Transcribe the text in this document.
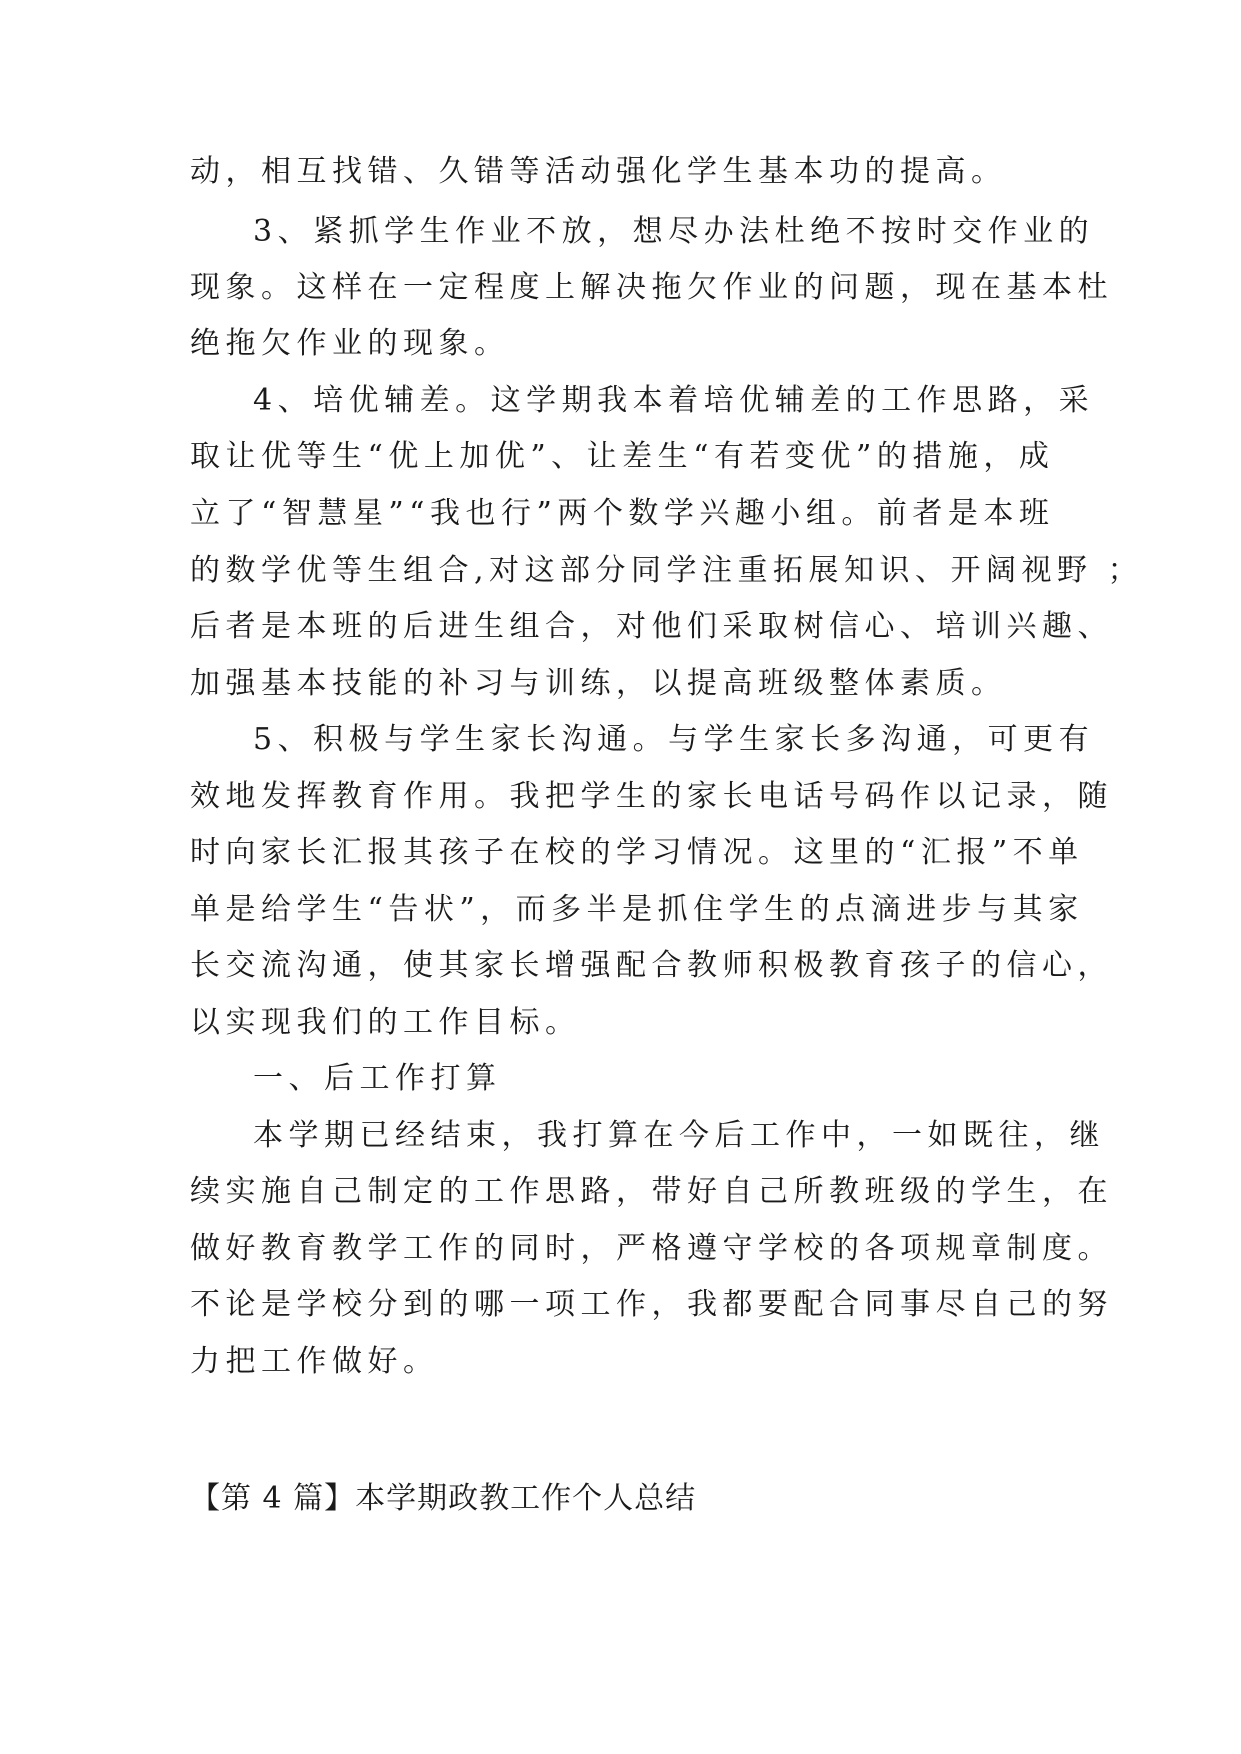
动，相互找错、久错等活动强化学生基本功的提高。
3、紧抓学生作业不放，想尽办法杜绝不按时交作业的
现象。这样在一定程度上解决拖欠作业的问题，现在基本杜
绝拖欠作业的现象。
4、培优辅差。这学期我本着培优辅差的工作思路，采
取让优等生“优上加优”、让差生“有若变优”的措施，成
立了“智慧星”“我也行”两个数学兴趣小组。前者是本班
的数学优等生组合,对这部分同学注重拓展知识、开阔视野 ；
后者是本班的后进生组合，对他们采取树信心、培训兴趣、
加强基本技能的补习与训练，以提高班级整体素质。
5、积极与学生家长沟通。与学生家长多沟通，可更有
效地发挥教育作用。我把学生的家长电话号码作以记录，随
时向家长汇报其孩子在校的学习情况。这里的“汇报”不单
单是给学生“告状”，而多半是抓住学生的点滴进步与其家
长交流沟通，使其家长增强配合教师积极教育孩子的信心，
以实现我们的工作目标。
一、后工作打算
本学期已经结束，我打算在今后工作中，一如既往，继
续实施自己制定的工作思路，带好自己所教班级的学生，在
做好教育教学工作的同时，严格遵守学校的各项规章制度。
不论是学校分到的哪一项工作，我都要配合同事尽自己的努
力把工作做好。
【第 4 篇】本学期政教工作个人总结
